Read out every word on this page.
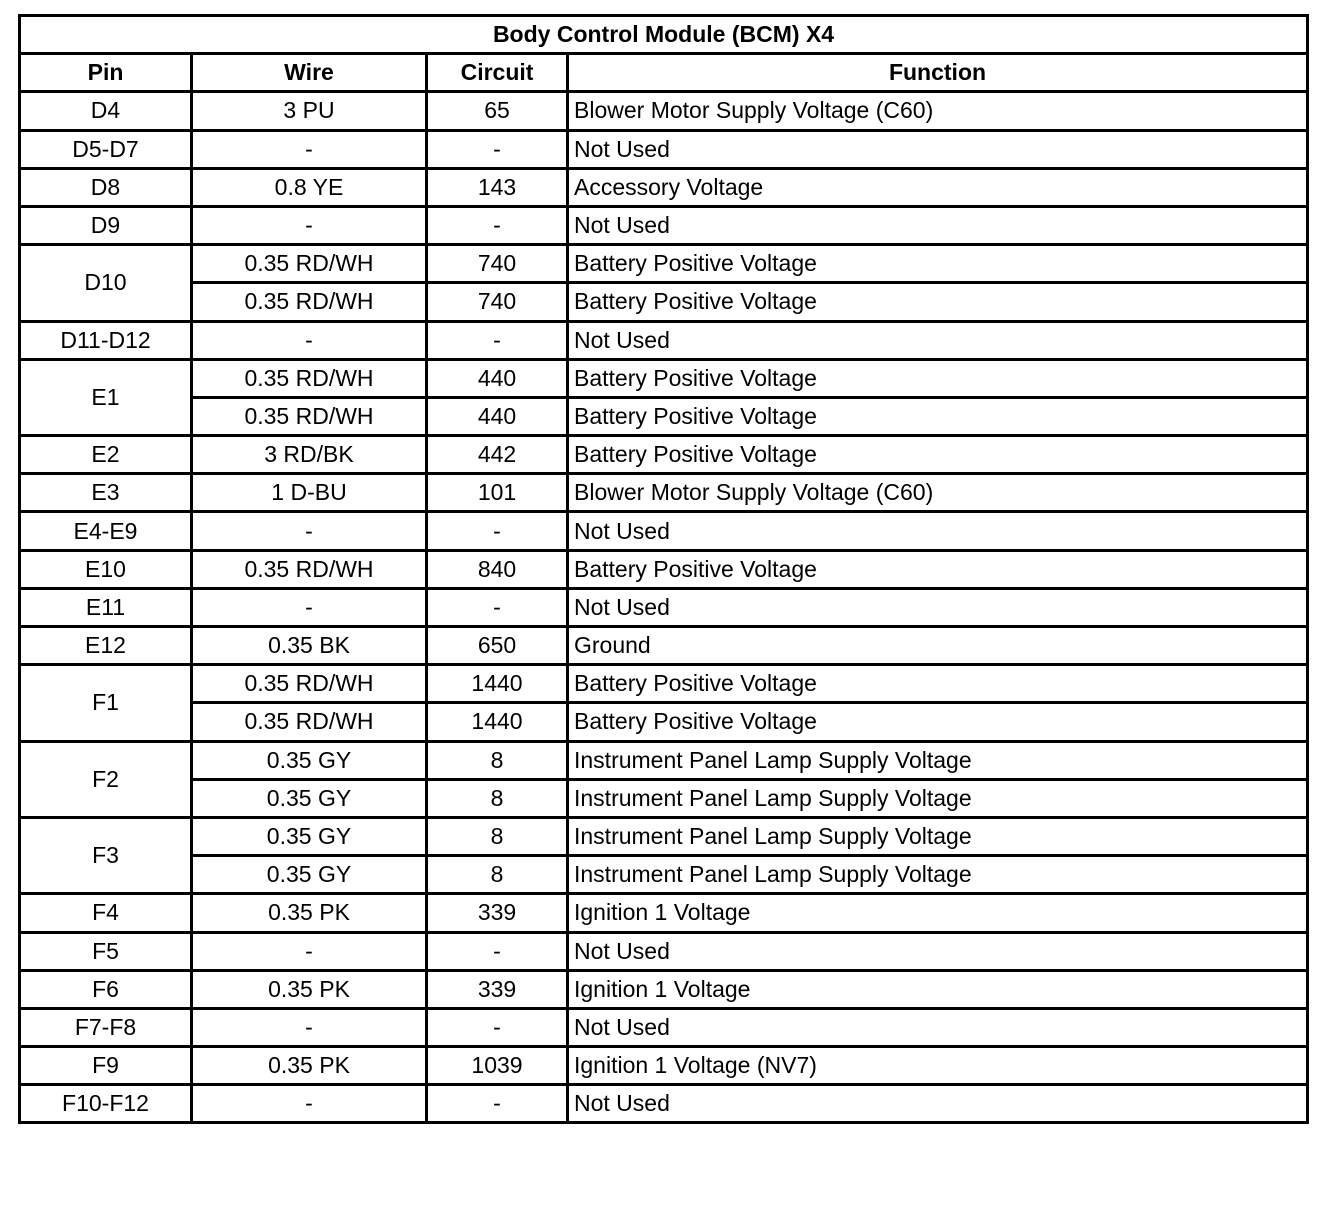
Body Control Module (BCM) X4			
Pin	Wire	Circuit	Function
D4	3 PU	65	Blower Motor Supply Voltage (C60)
D5-D7	-	-	Not Used
D8	0.8 YE	143	Accessory Voltage
D9	-	-	Not Used
D10	0.35 RD/WH	740	Battery Positive Voltage
	0.35 RD/WH	740	Battery Positive Voltage
D11-D12	-	-	Not Used
E1	0.35 RD/WH	440	Battery Positive Voltage
	0.35 RD/WH	440	Battery Positive Voltage
E2	3 RD/BK	442	Battery Positive Voltage
E3	1 D-BU	101	Blower Motor Supply Voltage (C60)
E4-E9	-	-	Not Used
E10	0.35 RD/WH	840	Battery Positive Voltage
E11	-	-	Not Used
E12	0.35 BK	650	Ground
F1	0.35 RD/WH	1440	Battery Positive Voltage
	0.35 RD/WH	1440	Battery Positive Voltage
F2	0.35 GY	8	Instrument Panel Lamp Supply Voltage
	0.35 GY	8	Instrument Panel Lamp Supply Voltage
F3	0.35 GY	8	Instrument Panel Lamp Supply Voltage
	0.35 GY	8	Instrument Panel Lamp Supply Voltage
F4	0.35 PK	339	Ignition 1 Voltage
F5	-	-	Not Used
F6	0.35 PK	339	Ignition 1 Voltage
F7-F8	-	-	Not Used
F9	0.35 PK	1039	Ignition 1 Voltage (NV7)
F10-F12	-	-	Not Used
